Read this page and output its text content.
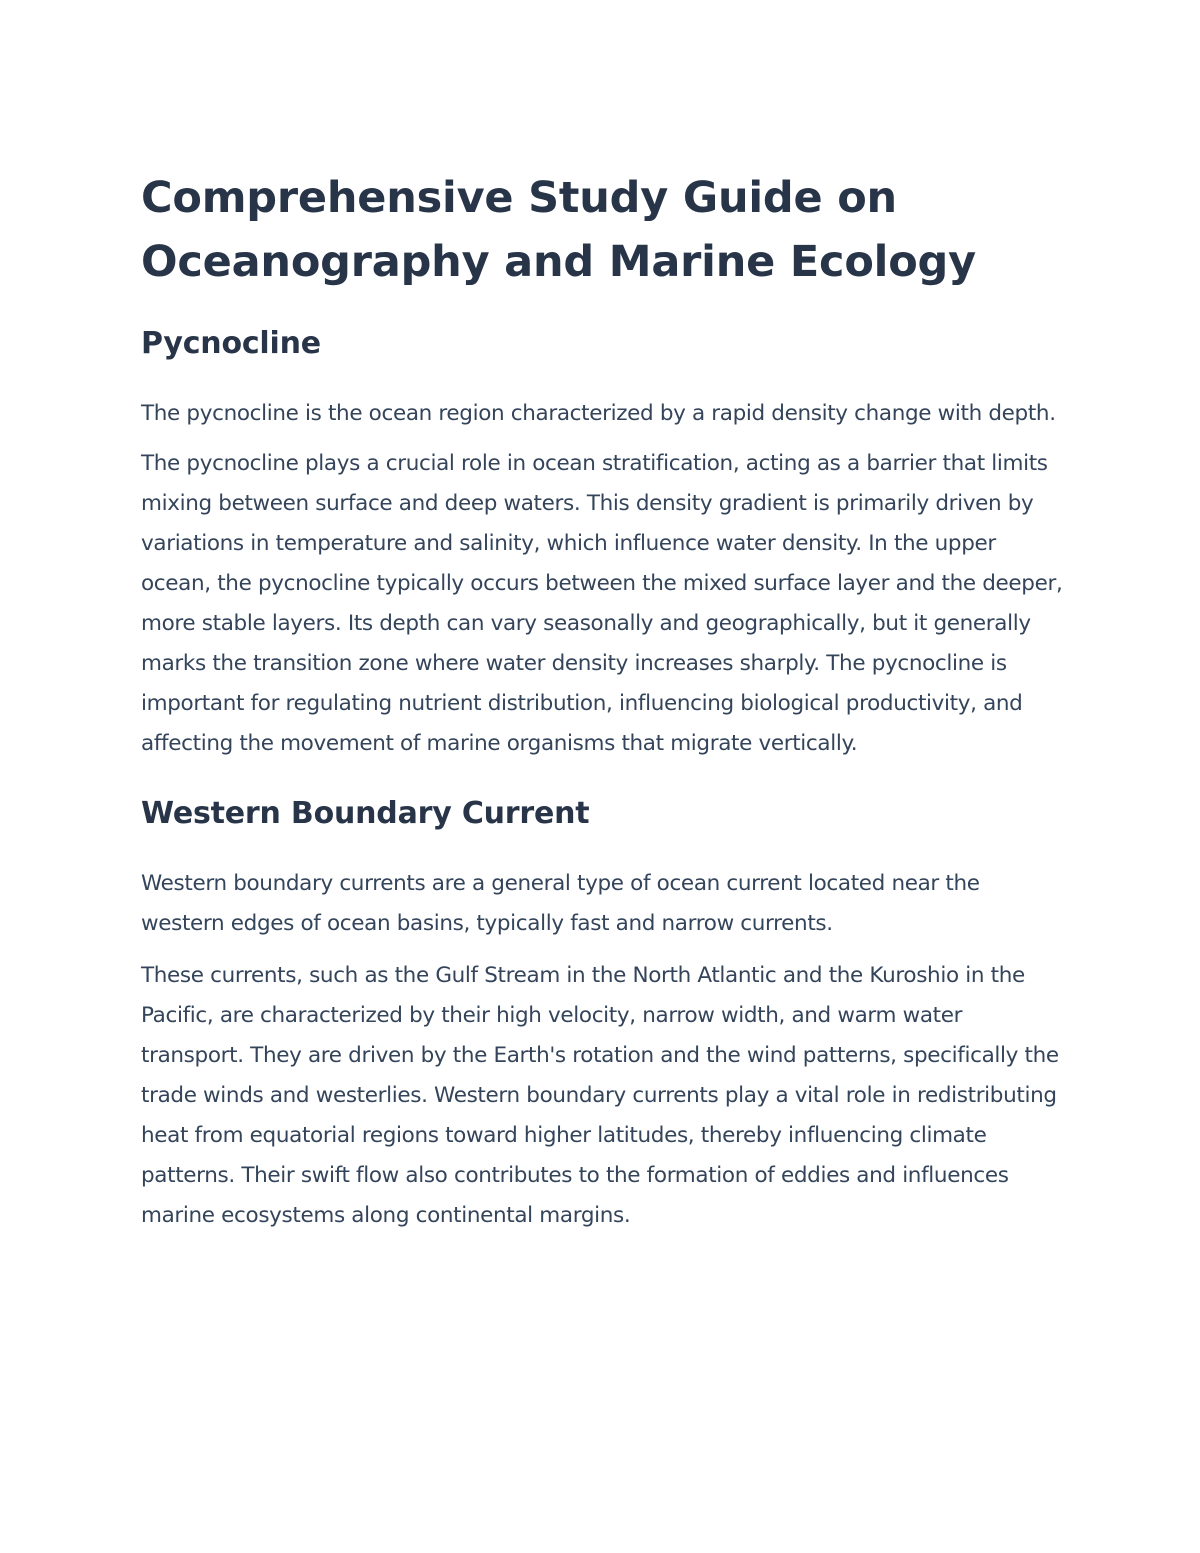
Comprehensive Study Guide on Oceanography and Marine Ecology
Pycnocline

The pycnocline is the ocean region characterized by a rapid density change with depth.

The pycnocline plays a crucial role in ocean stratification, acting as a barrier that limits mixing between surface and deep waters. This density gradient is primarily driven by variations in temperature and salinity, which influence water density. In the upper ocean, the pycnocline typically occurs between the mixed surface layer and the deeper, more stable layers. Its depth can vary seasonally and geographically, but it generally marks the transition zone where water density increases sharply. The pycnocline is important for regulating nutrient distribution, influencing biological productivity, and affecting the movement of marine organisms that migrate vertically.

Western Boundary Current

Western boundary currents are a general type of ocean current located near the western edges of ocean basins, typically fast and narrow currents.

These currents, such as the Gulf Stream in the North Atlantic and the Kuroshio in the Pacific, are characterized by their high velocity, narrow width, and warm water transport. They are driven by the Earth's rotation and the wind patterns, specifically the trade winds and westerlies. Western boundary currents play a vital role in redistributing heat from equatorial regions toward higher latitudes, thereby influencing climate patterns. Their swift flow also contributes to the formation of eddies and influences marine ecosystems along continental margins.
